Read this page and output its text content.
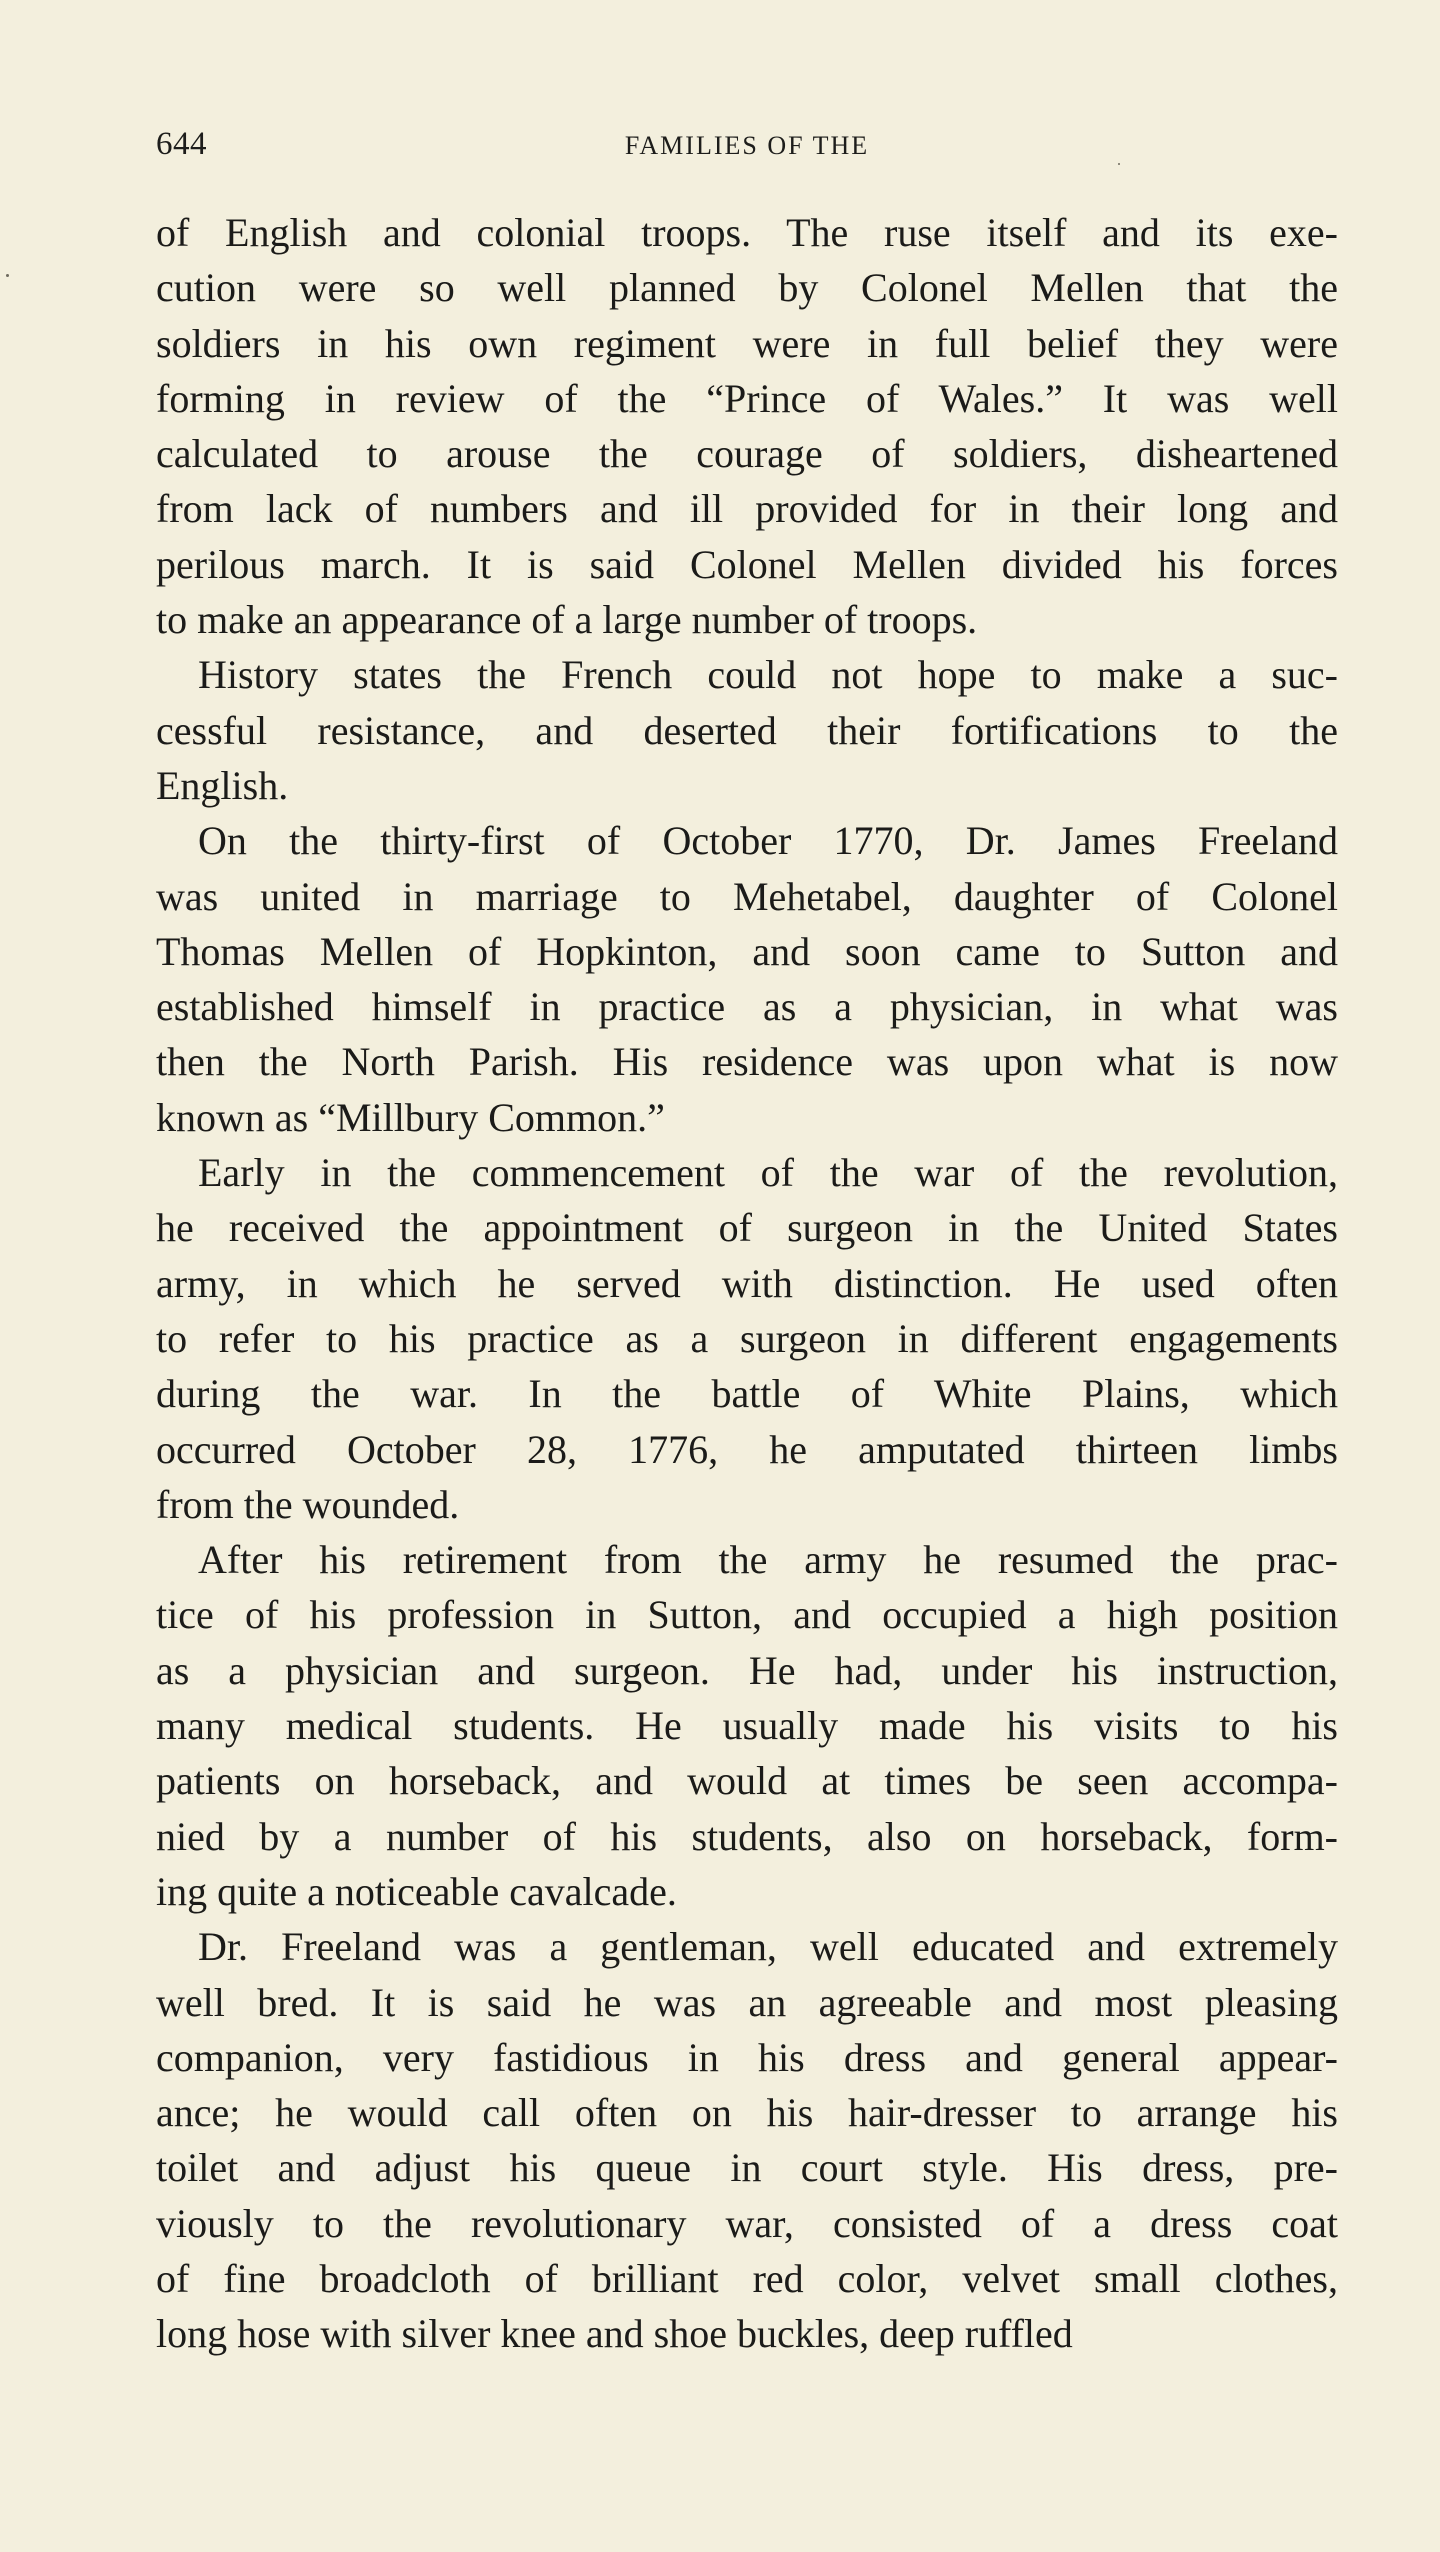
644	FAMILIES OF THE
of English and colonial troops. The ruse itself and its exe-
cution were so well planned by Colonel Mellen that the
soldiers in his own regiment were in full belief they were
forming in review of the “Prince of Wales.” It was well
calculated to arouse the courage of soldiers, disheartened
from lack of numbers and ill provided for in their long and
perilous march. It is said Colonel Mellen divided his forces
to make an appearance of a large number of troops.
History states the French could not hope to make a suc-
cessful resistance, and deserted their fortifications to the
English.
On the thirty-first of October 1770, Dr. James Freeland
was united in marriage to Mehetabel, daughter of Colonel
Thomas Mellen of Hopkinton, and soon came to Sutton and
established himself in practice as a physician, in what was
then the North Parish. His residence was upon what is now
known as “Millbury Common.”
Early in the commencement of the war of the revolution,
he received the appointment of surgeon in the United States
army, in which he served with distinction. He used often
to refer to his practice as a surgeon in different engagements
during the war. In the battle of White Plains, which
occurred October 28, 1776, he amputated thirteen limbs
from the wounded.
After his retirement from the army he resumed the prac-
tice of his profession in Sutton, and occupied a high position
as a physician and surgeon. He had, under his instruction,
many medical students. He usually made his visits to his
patients on horseback, and would at times be seen accompa-
nied by a number of his students, also on horseback, form-
ing quite a noticeable cavalcade.
Dr. Freeland was a gentleman, well educated and extremely
well bred. It is said he was an agreeable and most pleasing
companion, very fastidious in his dress and general appear-
ance; he would call often on his hair-dresser to arrange his
toilet and adjust his queue in court style. His dress, pre-
viously to the revolutionary war, consisted of a dress coat
of fine broadcloth of brilliant red color, velvet small clothes,
long hose with silver knee and shoe buckles, deep ruffled
